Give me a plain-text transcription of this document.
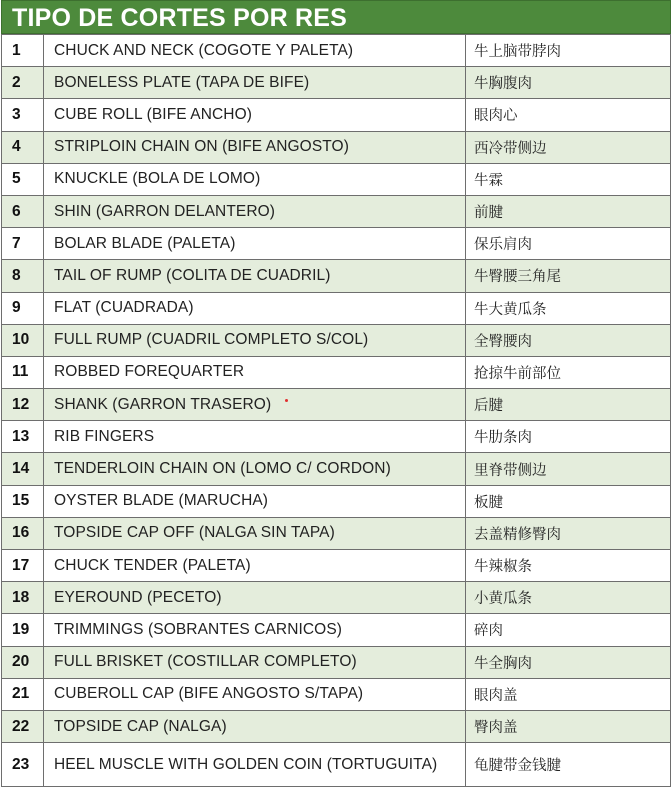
TIPO DE CORTES POR RES
1	CHUCK AND NECK (COGOTE Y PALETA)	牛上脑带脖肉
2	BONELESS PLATE (TAPA DE BIFE)	牛胸腹肉
3	CUBE ROLL (BIFE ANCHO)	眼肉心
4	STRIPLOIN CHAIN ON (BIFE ANGOSTO)	西冷带侧边
5	KNUCKLE (BOLA DE LOMO)	牛霖
6	SHIN (GARRON DELANTERO)	前腱
7	BOLAR BLADE (PALETA)	保乐肩肉
8	TAIL OF RUMP (COLITA DE CUADRIL)	牛臀腰三角尾
9	FLAT (CUADRADA)	牛大黄瓜条
10	FULL RUMP (CUADRIL COMPLETO S/COL)	全臀腰肉
11	ROBBED FOREQUARTER	抢掠牛前部位
12	SHANK (GARRON TRASERO)	后腱
13	RIB FINGERS	牛肋条肉
14	TENDERLOIN CHAIN ON (LOMO C/ CORDON)	里脊带侧边
15	OYSTER BLADE (MARUCHA)	板腱
16	TOPSIDE CAP OFF (NALGA SIN TAPA)	去盖精修臀肉
17	CHUCK TENDER (PALETA)	牛辣椒条
18	EYEROUND (PECETO)	小黄瓜条
19	TRIMMINGS (SOBRANTES CARNICOS)	碎肉
20	FULL BRISKET (COSTILLAR COMPLETO)	牛全胸肉
21	CUBEROLL CAP (BIFE ANGOSTO S/TAPA)	眼肉盖
22	TOPSIDE CAP (NALGA)	臀肉盖
23	HEEL MUSCLE WITH GOLDEN COIN (TORTUGUITA)	龟腱带金钱腱
